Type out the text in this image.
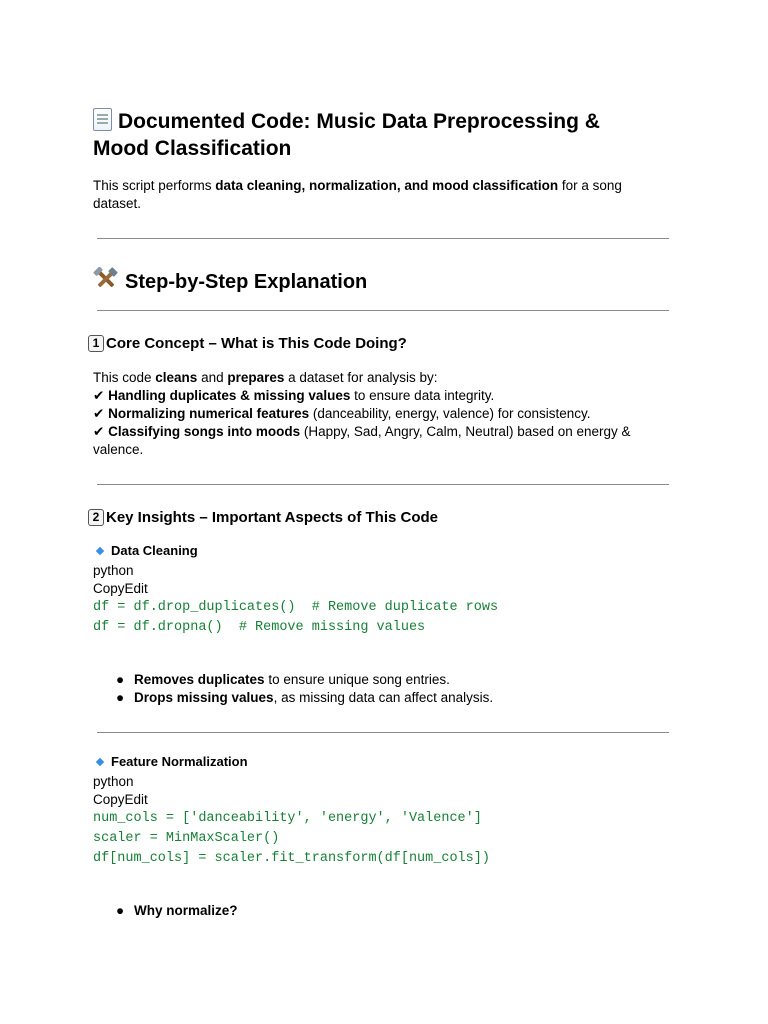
Documented Code: Music Data Preprocessing &
Mood Classification
This script performs data cleaning, normalization, and mood classification for a song
dataset.
Step-by-Step Explanation
1 Core Concept – What is This Code Doing?
This code cleans and prepares a dataset for analysis by:
✔ Handling duplicates & missing values to ensure data integrity.
✔ Normalizing numerical features (danceability, energy, valence) for consistency.
✔ Classifying songs into moods (Happy, Sad, Angry, Calm, Neutral) based on energy &
valence.
2 Key Insights – Important Aspects of This Code
Data Cleaning
python
CopyEdit
df = df.drop_duplicates()  # Remove duplicate rows
df = df.dropna()  # Remove missing values
● Removes duplicates to ensure unique song entries.
● Drops missing values, as missing data can affect analysis.
Feature Normalization
python
CopyEdit
num_cols = ['danceability', 'energy', 'Valence']
scaler = MinMaxScaler()
df[num_cols] = scaler.fit_transform(df[num_cols])
● Why normalize?
